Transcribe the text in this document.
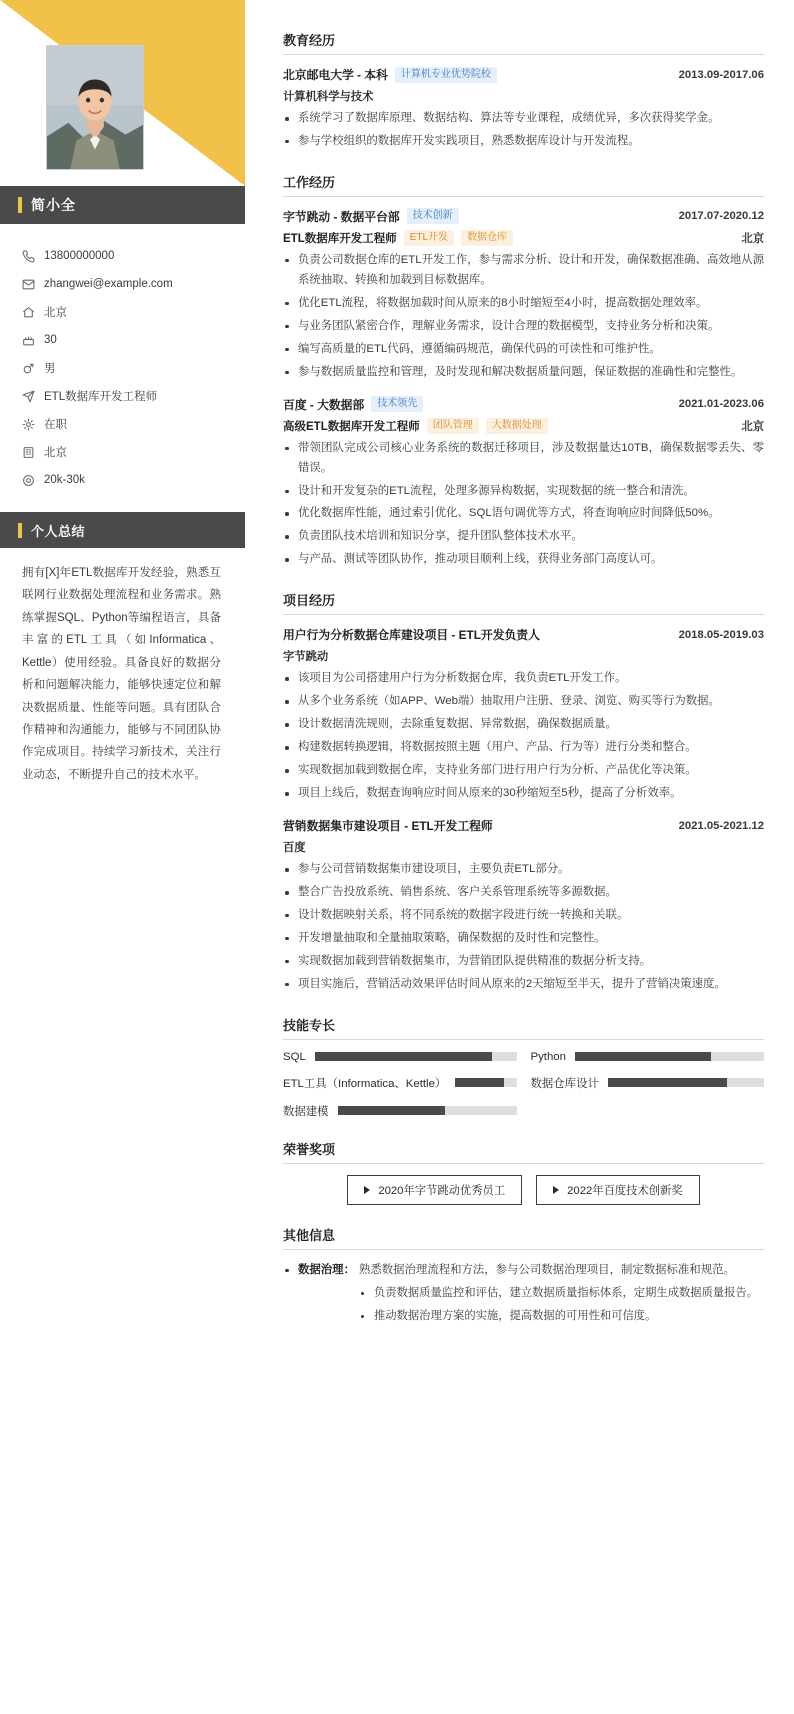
简小全
13800000000
zhangwei@example.com
北京
30
男
ETL数据库开发工程师
在职
北京
20k-30k
个人总结

拥有[X]年ETL数据库开发经验，熟悉互联网行业数据处理流程和业务需求。熟练掌握SQL、Python等编程语言，具备丰富的ETL工具（如Informatica、Kettle）使用经验。具备良好的数据分析和问题解决能力，能够快速定位和解决数据质量、性能等问题。具有团队合作精神和沟通能力，能够与不同团队协作完成项目。持续学习新技术，关注行业动态，不断提升自己的技术水平。

教育经历
北京邮电大学 - 本科	计算机专业优势院校	2013.09-2017.06
计算机科学与技术
系统学习了数据库原理、数据结构、算法等专业课程，成绩优异，多次获得奖学金。
参与学校组织的数据库开发实践项目，熟悉数据库设计与开发流程。
工作经历
字节跳动 - 数据平台部	技术创新	2017.07-2020.12
ETL数据库开发工程师	ETL开发	数据仓库	北京
负责公司数据仓库的ETL开发工作，参与需求分析、设计和开发，确保数据准确、高效地从源系统抽取、转换和加载到目标数据库。
优化ETL流程，将数据加载时间从原来的8小时缩短至4小时，提高数据处理效率。
与业务团队紧密合作，理解业务需求，设计合理的数据模型，支持业务分析和决策。
编写高质量的ETL代码，遵循编码规范，确保代码的可读性和可维护性。
参与数据质量监控和管理，及时发现和解决数据质量问题，保证数据的准确性和完整性。
百度 - 大数据部	技术领先	2021.01-2023.06
高级ETL数据库开发工程师	团队管理	大数据处理	北京
带领团队完成公司核心业务系统的数据迁移项目，涉及数据量达10TB，确保数据零丢失、零错误。
设计和开发复杂的ETL流程，处理多源异构数据，实现数据的统一整合和清洗。
优化数据库性能，通过索引优化、SQL语句调优等方式，将查询响应时间降低50%。
负责团队技术培训和知识分享，提升团队整体技术水平。
与产品、测试等团队协作，推动项目顺利上线，获得业务部门高度认可。
项目经历
用户行为分析数据仓库建设项目 - ETL开发负责人	2018.05-2019.03
字节跳动
该项目为公司搭建用户行为分析数据仓库，我负责ETL开发工作。
从多个业务系统（如APP、Web端）抽取用户注册、登录、浏览、购买等行为数据。
设计数据清洗规则，去除重复数据、异常数据，确保数据质量。
构建数据转换逻辑，将数据按照主题（用户、产品、行为等）进行分类和整合。
实现数据加载到数据仓库，支持业务部门进行用户行为分析、产品优化等决策。
项目上线后，数据查询响应时间从原来的30秒缩短至5秒，提高了分析效率。
营销数据集市建设项目 - ETL开发工程师	2021.05-2021.12
百度
参与公司营销数据集市建设项目，主要负责ETL部分。
整合广告投放系统、销售系统、客户关系管理系统等多源数据。
设计数据映射关系，将不同系统的数据字段进行统一转换和关联。
开发增量抽取和全量抽取策略，确保数据的及时性和完整性。
实现数据加载到营销数据集市，为营销团队提供精准的数据分析支持。
项目实施后，营销活动效果评估时间从原来的2天缩短至半天，提升了营销决策速度。
技能专长
SQL	Python
ETL工具（Informatica、Kettle）	数据仓库设计
数据建模
荣誉奖项
2020年字节跳动优秀员工	2022年百度技术创新奖
其他信息
数据治理： 熟悉数据治理流程和方法，参与公司数据治理项目，制定数据标准和规范。
负责数据质量监控和评估，建立数据质量指标体系，定期生成数据质量报告。
推动数据治理方案的实施，提高数据的可用性和可信度。
